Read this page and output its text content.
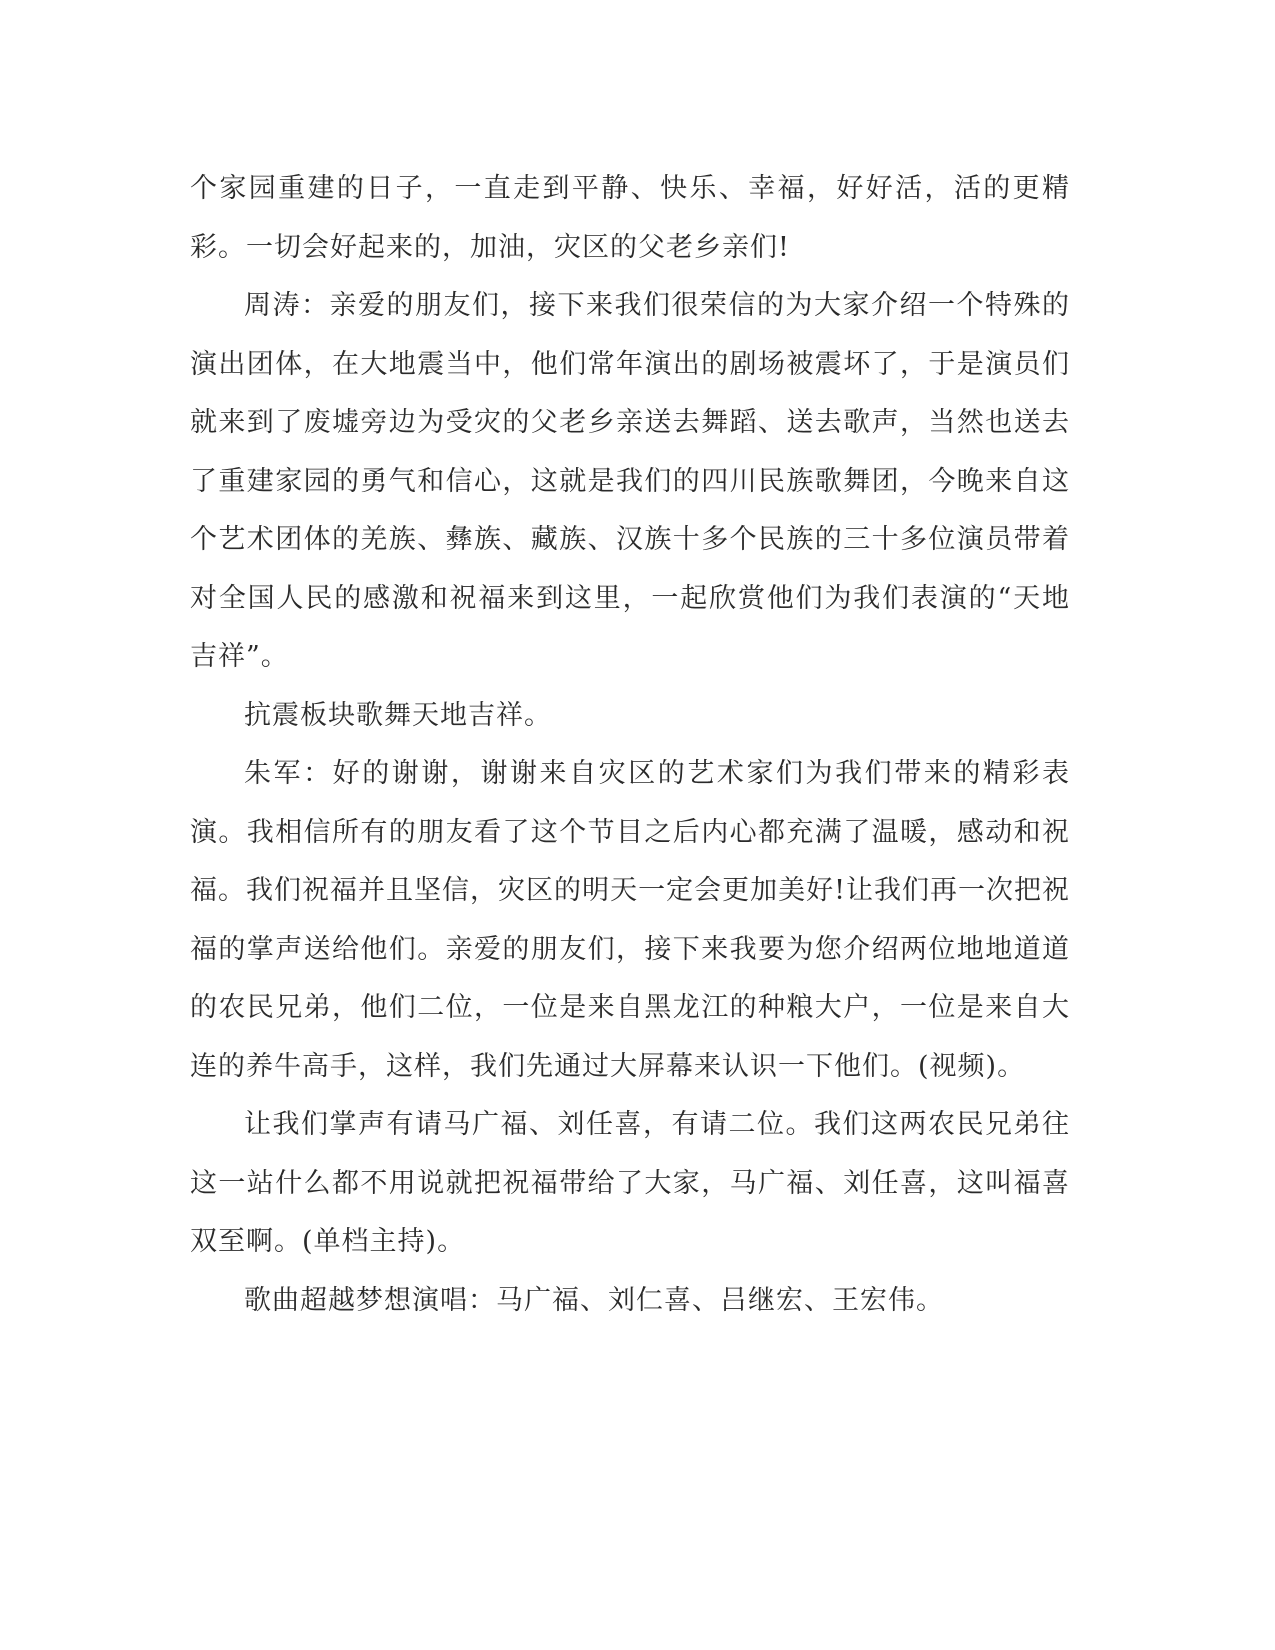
个家园重建的日子，一直走到平静、快乐、幸福，好好活，活的更精彩。一切会好起来的，加油，灾区的父老乡亲们!

周涛：亲爱的朋友们，接下来我们很荣信的为大家介绍一个特殊的演出团体，在大地震当中，他们常年演出的剧场被震坏了，于是演员们就来到了废墟旁边为受灾的父老乡亲送去舞蹈、送去歌声，当然也送去了重建家园的勇气和信心，这就是我们的四川民族歌舞团，今晚来自这个艺术团体的羌族、彝族、藏族、汉族十多个民族的三十多位演员带着对全国人民的感激和祝福来到这里，一起欣赏他们为我们表演的“天地吉祥”。

抗震板块歌舞天地吉祥。

朱军：好的谢谢，谢谢来自灾区的艺术家们为我们带来的精彩表演。我相信所有的朋友看了这个节目之后内心都充满了温暖，感动和祝福。我们祝福并且坚信，灾区的明天一定会更加美好!让我们再一次把祝福的掌声送给他们。亲爱的朋友们，接下来我要为您介绍两位地地道道的农民兄弟，他们二位，一位是来自黑龙江的种粮大户，一位是来自大连的养牛高手，这样，我们先通过大屏幕来认识一下他们。(视频)。

让我们掌声有请马广福、刘任喜，有请二位。我们这两农民兄弟往这一站什么都不用说就把祝福带给了大家，马广福、刘任喜，这叫福喜双至啊。(单档主持)。

歌曲超越梦想演唱：马广福、刘仁喜、吕继宏、王宏伟。
